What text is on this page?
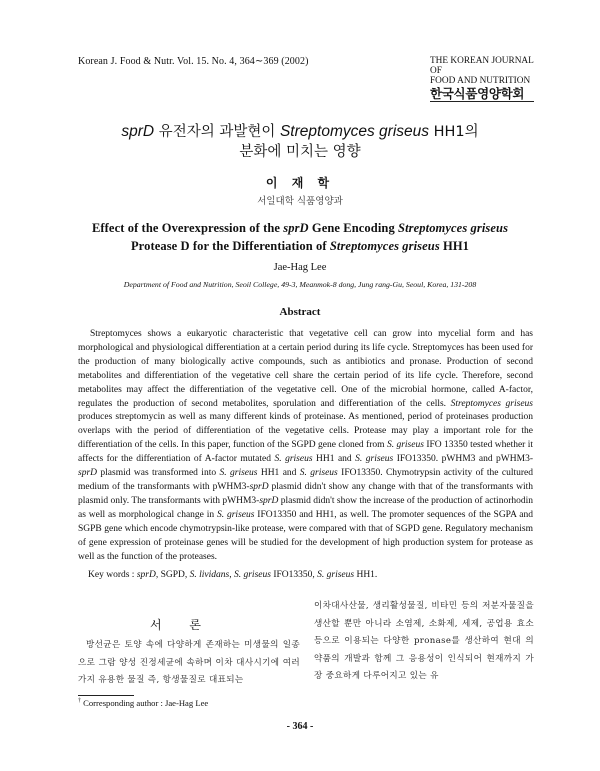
Korean J. Food & Nutr. Vol. 15. No. 4, 364∼369 (2002)	THE KOREAN JOURNAL OF
FOOD AND NUTRITION
한국식품영양학회
sprD 유전자의 과발현이 Streptomyces griseus HH1의
분화에 미치는 영향
이 재 학
서일대학 식품영양과
Effect of the Overexpression of the sprD Gene Encoding Streptomyces griseus
Protease D for the Differentiation of Streptomyces griseus HH1
Jae-Hag Lee
Department of Food and Nutrition, Seoil College, 49-3, Meanmok-8 dong, Jung rang-Gu, Seoul, Korea, 131-208
Abstract
Streptomyces shows a eukaryotic characteristic that vegetative cell can grow into mycelial form and has morphological and physiological differentiation at a certain period during its life cycle. Streptomyces has been used for the production of many biologically active compounds, such as antibiotics and pronase. Production of second metabolites and differentiation of the vegetative cell share the certain period of its life cycle. Therefore, second metabolites may affect the differentiation of the vegetative cell. One of the microbial hormone, called A-factor, regulates the production of second metabolites, sporulation and differentiation of the cells. Streptomyces griseus produces streptomycin as well as many different kinds of proteinase. As mentioned, period of proteinases production overlaps with the period of differentiation of the vegetative cells. Protease may play a important role for the differentiation of the cells. In this paper, function of the SGPD gene cloned from S. griseus IFO 13350 tested whether it affects for the differentiation of A-factor mutated S. griseus HH1 and S. griseus IFO13350. pWHM3 and pWHM3-sprD plasmid was transformed into S. griseus HH1 and S. griseus IFO13350. Chymotrypsin activity of the cultured medium of the transformants with pWHM3-sprD plasmid didn't show any change with that of the transformants with plasmid only. The transformants with pWHM3-sprD plasmid didn't show the increase of the production of actinorhodin as well as morphological change in S. griseus IFO13350 and HH1, as well. The promoter sequences of the SGPA and SGPB gene which encode chymotrypsin-like protease, were compared with that of SGPD gene. Regulatory mechanism of gene expression of proteinase genes will be studied for the development of high production system for protease as well as the function of the proteases.
Key words : sprD, SGPD, S. lividans, S. griseus IFO13350, S. griseus HH1.
서 론
방선균은 토양 속에 다양하게 존재하는 미생물의 일종으로 그람 양성 진정세균에 속하며 이차 대사시기에 여러 가지 유용한 물질 즉, 항생물질로 대표되는
이차대사산물, 생리활성물질, 비타민 등의 저분자물질을 생산할 뿐만 아니라 소염제, 소화제, 세제, 공업용 효소 등으로 이용되는 다양한 pronase를 생산하여 현대 의약품의 개발과 함께 그 응용성이 인식되어 현재까지 가장 중요하게 다루어지고 있는 유
† Corresponding author : Jae-Hag Lee
- 364 -
